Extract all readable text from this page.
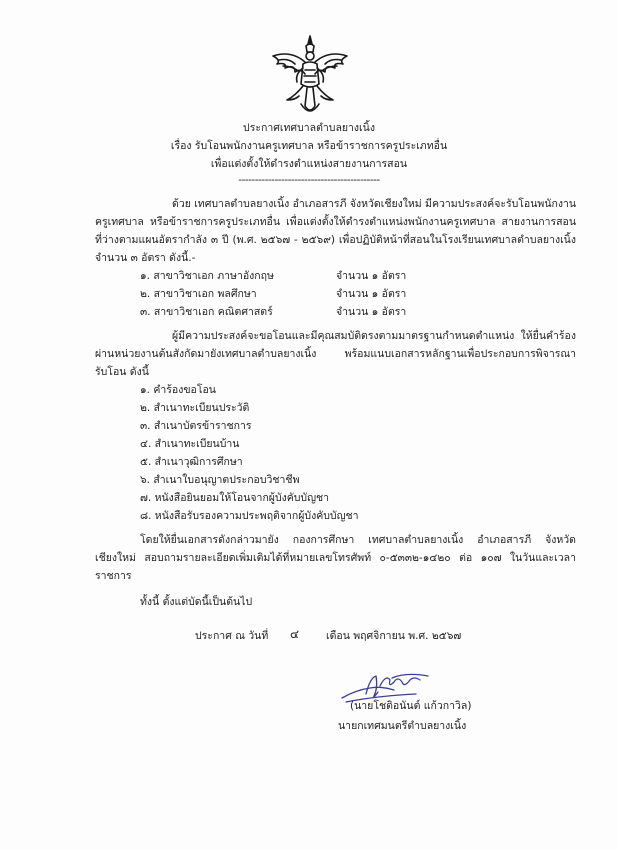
ประกาศเทศบาลตำบลยางเนิ้ง
เรื่อง รับโอนพนักงานครูเทศบาล หรือข้าราชการครูประเภทอื่น
เพื่อแต่งตั้งให้ดำรงตำแหน่งสายงานการสอน
-------------------------------------------
ด้วย เทศบาลตำบลยางเนิ้ง อำเภอสารภี จังหวัดเชียงใหม่ มีความประสงค์จะรับโอนพนักงาน
ครูเทศบาล หรือข้าราชการครูประเภทอื่น เพื่อแต่งตั้งให้ดำรงตำแหน่งพนักงานครูเทศบาล สายงานการสอน
ที่ว่างตามแผนอัตรากำลัง ๓ ปี (พ.ศ. ๒๕๖๗ - ๒๕๖๙) เพื่อปฏิบัติหน้าที่สอนในโรงเรียนเทศบาลตำบลยางเนิ้ง
จำนวน ๓ อัตรา ดังนี้.-
๑. สาขาวิชาเอก ภาษาอังกฤษ	จำนวน ๑ อัตรา
๒. สาขาวิชาเอก พลศึกษา	จำนวน ๑ อัตรา
๓. สาขาวิชาเอก คณิตศาสตร์	จำนวน ๑ อัตรา
ผู้มีความประสงค์จะขอโอนและมีคุณสมบัติตรงตามมาตรฐานกำหนดตำแหน่ง ให้ยื่นคำร้อง
ผ่านหน่วยงานต้นสังกัดมายังเทศบาลตำบลยางเนิ้ง พร้อมแนบเอกสารหลักฐานเพื่อประกอบการพิจารณา
รับโอน ดังนี้
๑. คำร้องขอโอน
๒. สำเนาทะเบียนประวัติ
๓. สำเนาบัตรข้าราชการ
๔. สำเนาทะเบียนบ้าน
๕. สำเนาวุฒิการศึกษา
๖. สำเนาใบอนุญาตประกอบวิชาชีพ
๗. หนังสือยินยอมให้โอนจากผู้บังคับบัญชา
๘. หนังสือรับรองความประพฤติจากผู้บังคับบัญชา
โดยให้ยื่นเอกสารดังกล่าวมายัง กองการศึกษา เทศบาลตำบลยางเนิ้ง อำเภอสารภี จังหวัด
เชียงใหม่ สอบถามรายละเอียดเพิ่มเติมได้ที่หมายเลขโทรศัพท์ ๐-๕๓๓๒-๑๔๒๐ ต่อ ๑๐๗ ในวันและเวลา
ราชการ
ทั้งนี้ ตั้งแต่บัดนี้เป็นต้นไป
ประกาศ ณ วันที่ ๔	เดือน พฤศจิกายน พ.ศ. ๒๕๖๗
(นายโชติอนันต์ แก้วกาวิล)
นายกเทศมนตรีตำบลยางเนิ้ง
